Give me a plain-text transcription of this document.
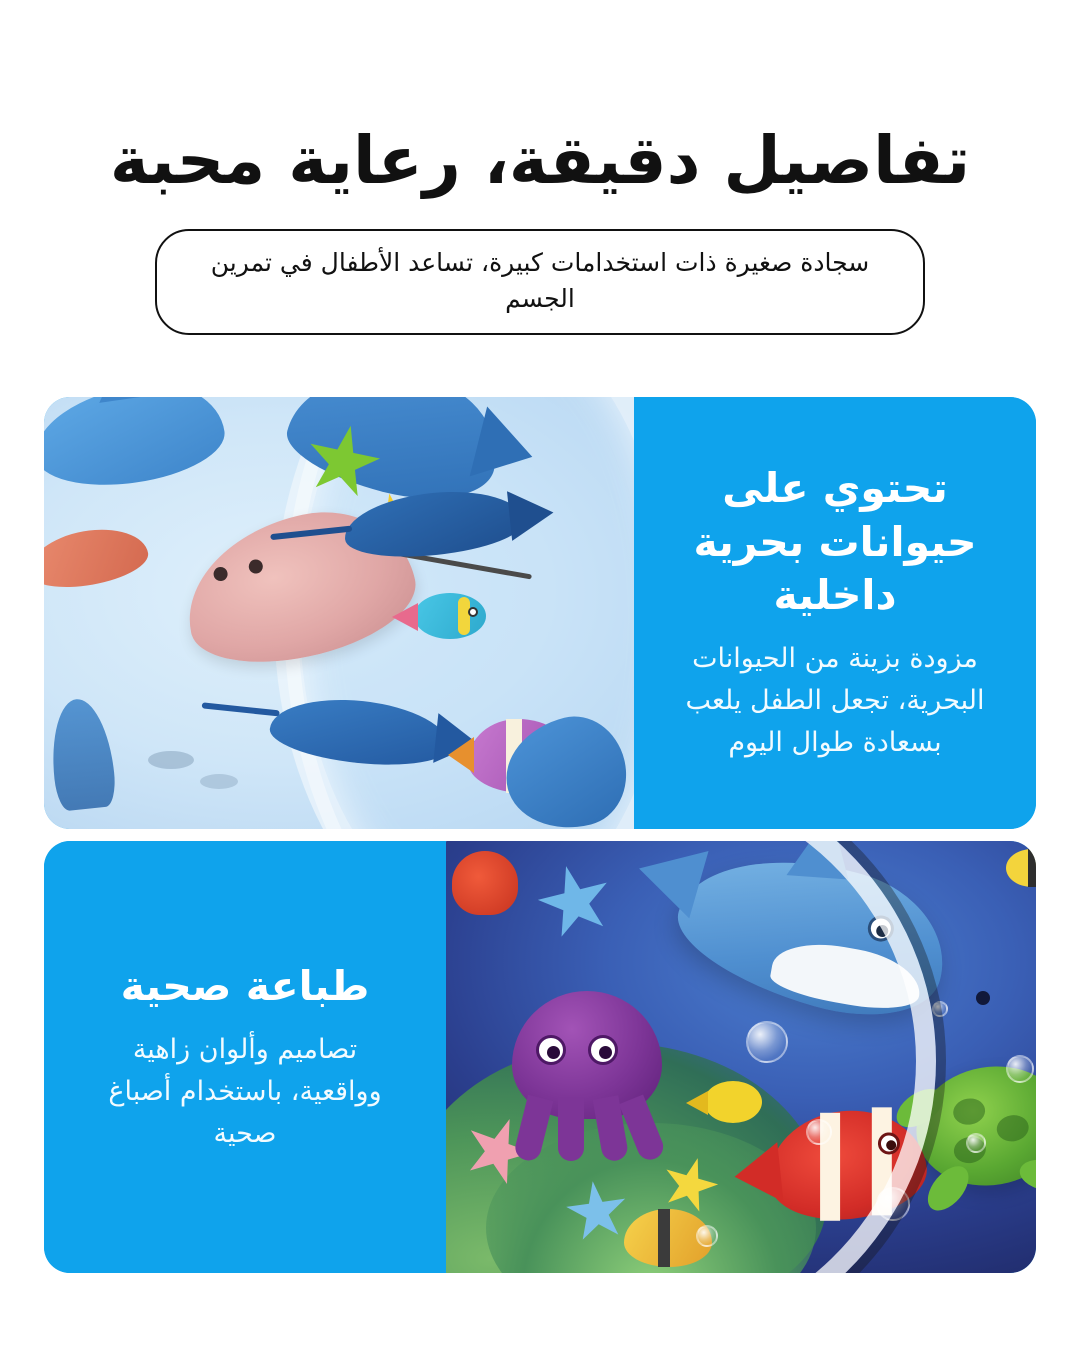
تفاصيل دقيقة، رعاية محبة
سجادة صغيرة ذات استخدامات كبيرة، تساعد الأطفال في تمرين الجسم
تحتوي على حيوانات بحرية داخلية

مزودة بزينة من الحيوانات البحرية، تجعل الطفل يلعب بسعادة طوال اليوم

طباعة صحية

تصاميم وألوان زاهية وواقعية، باستخدام أصباغ صحية
